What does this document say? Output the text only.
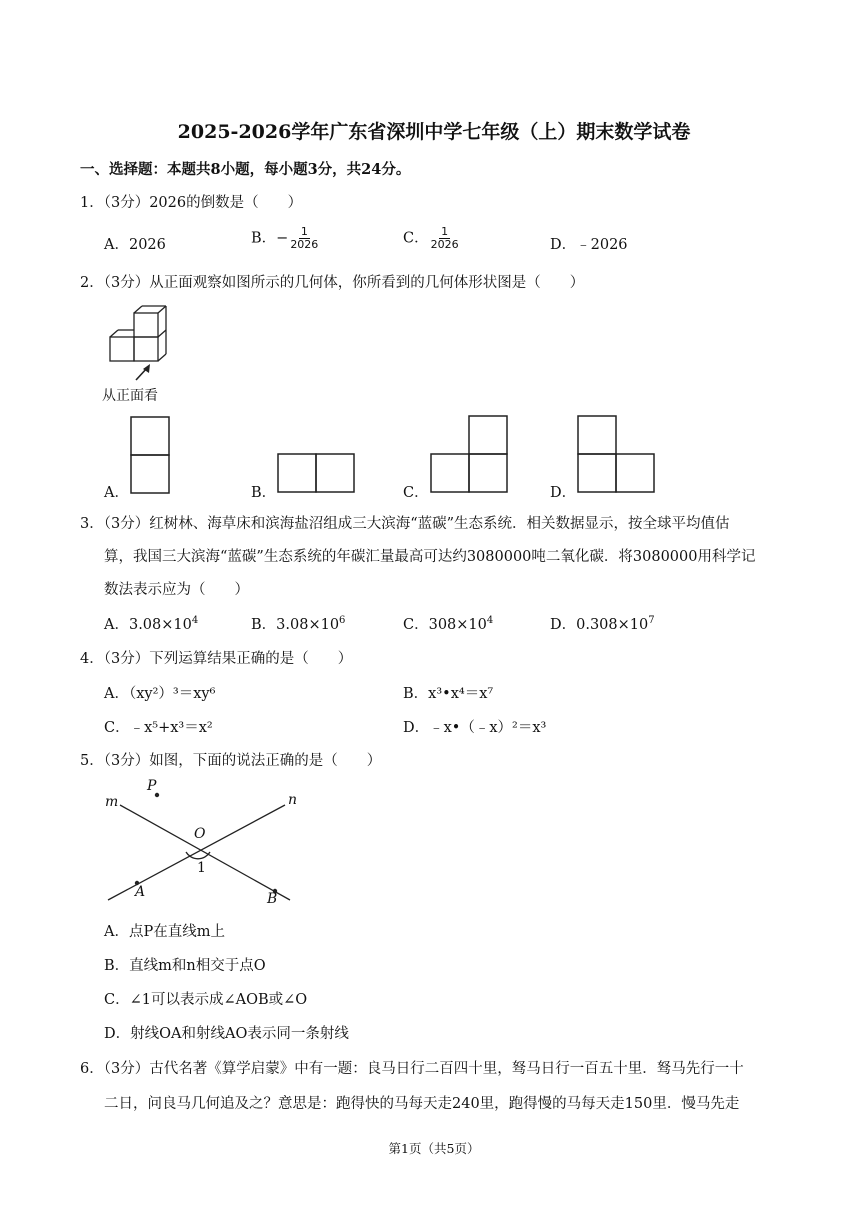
2025-2026学年广东省深圳中学七年级（上）期末数学试卷
一、选择题：本题共8小题，每小题3分，共24分。
1．（3分）2026的倒数是（　　）
A．2026	B．− $\frac{1}{2026}$	C． $\frac{1}{2026}$	D．﹣2026
2．（3分）从正面观察如图所示的几何体，你所看到的几何体形状图是（　　）
从正面看
A．	B．	C．	D．
3．（3分）红树林、海草床和滨海盐沼组成三大滨海“蓝碳”生态系统．相关数据显示，按全球平均值估
算，我国三大滨海“蓝碳”生态系统的年碳汇量最高可达约3080000吨二氧化碳．将3080000用科学记
数法表示应为（　　）
A．$3.08\times 10^4$	B．$3.08\times 10^6$	C．$308\times 10^4$	D．$0.308\times 10^7$
4．（3分）下列运算结果正确的是（　　）
A．（xy²）³＝xy⁶	B．x³•x⁴＝x⁷
C．﹣x⁵+x³＝x²	D．﹣x•（﹣x）²＝x³
5．（3分）如图，下面的说法正确的是（　　）
P
m	n
O
1
A	B
A．点P在直线m上
B．直线m和n相交于点O
C．∠1可以表示成∠AOB或∠O
D．射线OA和射线AO表示同一条射线
6．（3分）古代名著《算学启蒙》中有一题：良马日行二百四十里，驽马日行一百五十里．驽马先行一十
二日，问良马几何追及之？意思是：跑得快的马每天走240里，跑得慢的马每天走150里．慢马先走
第1页（共5页）
